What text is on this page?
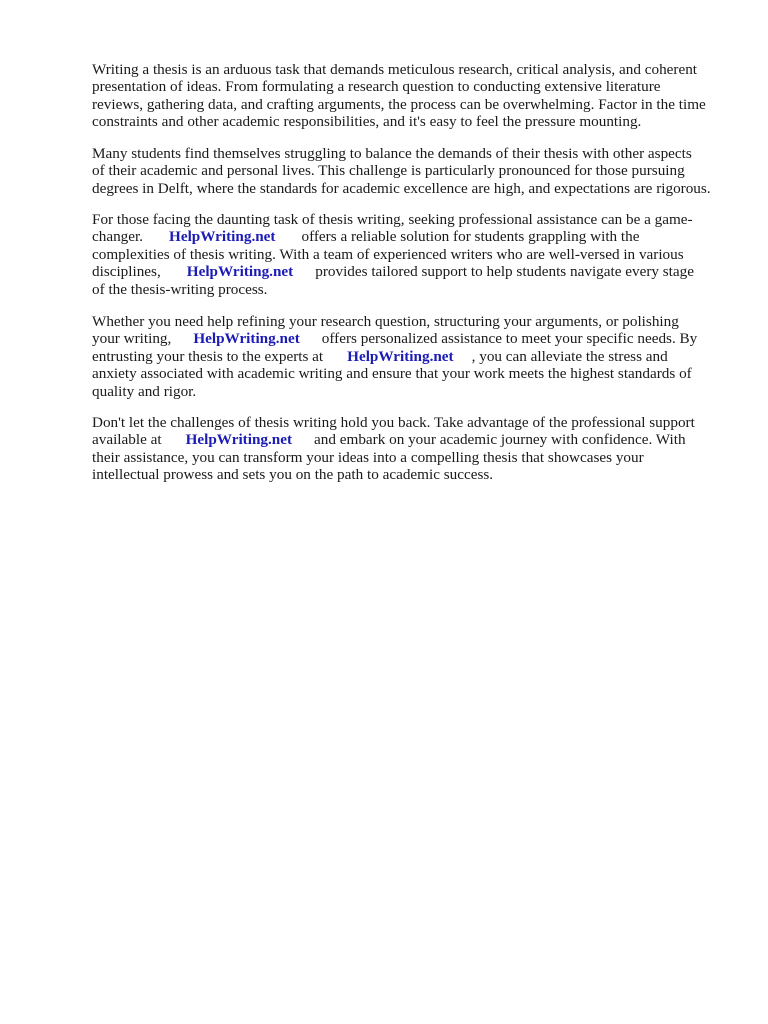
Writing a thesis is an arduous task that demands meticulous research, critical analysis, and coherent
presentation of ideas. From formulating a research question to conducting extensive literature
reviews, gathering data, and crafting arguments, the process can be overwhelming. Factor in the time
constraints and other academic responsibilities, and it's easy to feel the pressure mounting.
Many students find themselves struggling to balance the demands of their thesis with other aspects
of their academic and personal lives. This challenge is particularly pronounced for those pursuing
degrees in Delft, where the standards for academic excellence are high, and expectations are rigorous.
For those facing the daunting task of thesis writing, seeking professional assistance can be a game-
changer. HelpWriting.net offers a reliable solution for students grappling with the
complexities of thesis writing. With a team of experienced writers who are well-versed in various
disciplines, HelpWriting.net provides tailored support to help students navigate every stage
of the thesis-writing process.
Whether you need help refining your research question, structuring your arguments, or polishing
your writing, HelpWriting.net offers personalized assistance to meet your specific needs. By
entrusting your thesis to the experts at HelpWriting.net , you can alleviate the stress and
anxiety associated with academic writing and ensure that your work meets the highest standards of
quality and rigor.
Don't let the challenges of thesis writing hold you back. Take advantage of the professional support
available at HelpWriting.net and embark on your academic journey with confidence. With
their assistance, you can transform your ideas into a compelling thesis that showcases your
intellectual prowess and sets you on the path to academic success.
